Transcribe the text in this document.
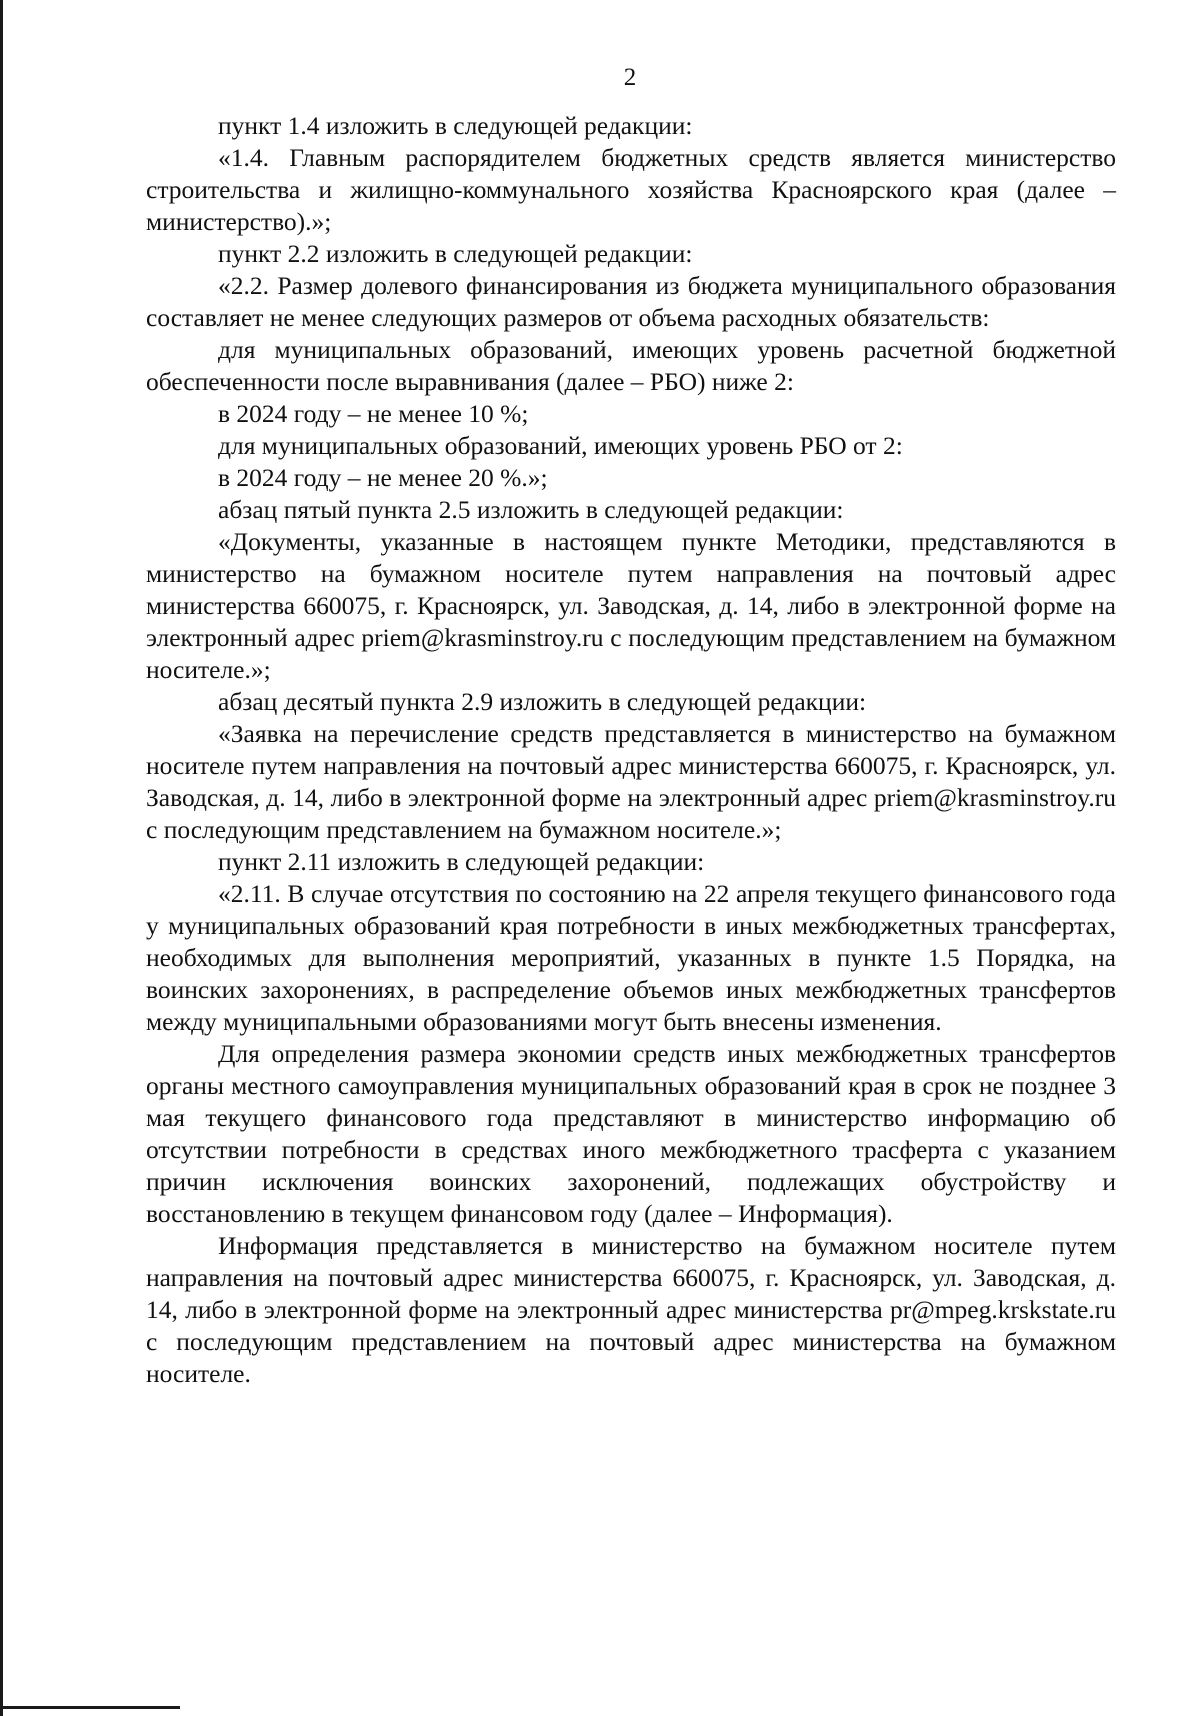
2

пункт 1.4 изложить в следующей редакции:

«1.4. Главным распорядителем бюджетных средств является министерство строительства и жилищно-коммунального хозяйства Красноярского края (далее – министерство).»;

пункт 2.2 изложить в следующей редакции:

«2.2. Размер долевого финансирования из бюджета муниципального образования составляет не менее следующих размеров от объема расходных обязательств:

для муниципальных образований, имеющих уровень расчетной бюджетной обеспеченности после выравнивания (далее – РБО) ниже 2:

в 2024 году – не менее 10 %;

для муниципальных образований, имеющих уровень РБО от 2:

в 2024 году – не менее 20 %.»;

абзац пятый пункта 2.5 изложить в следующей редакции:

«Документы, указанные в настоящем пункте Методики, представляются в министерство на бумажном носителе путем направления на почтовый адрес министерства 660075, г. Красноярск, ул. Заводская, д. 14, либо в электронной форме на электронный адрес priem@krasminstroy.ru с последующим представлением на бумажном носителе.»;

абзац десятый пункта 2.9 изложить в следующей редакции:

«Заявка на перечисление средств представляется в министерство на бумажном носителе путем направления на почтовый адрес министерства 660075, г. Красноярск, ул. Заводская, д. 14, либо в электронной форме на электронный адрес priem@krasminstroy.ru с последующим представлением на бумажном носителе.»;

пункт 2.11 изложить в следующей редакции:

«2.11. В случае отсутствия по состоянию на 22 апреля текущего финансового года у муниципальных образований края потребности в иных межбюджетных трансфертах, необходимых для выполнения мероприятий, указанных в пункте 1.5 Порядка, на воинских захоронениях, в распределение объемов иных межбюджетных трансфертов между муниципальными образованиями могут быть внесены изменения.

Для определения размера экономии средств иных межбюджетных трансфертов органы местного самоуправления муниципальных образований края в срок не позднее 3 мая текущего финансового года представляют в министерство информацию об отсутствии потребности в средствах иного межбюджетного трасферта с указанием причин исключения воинских захоронений, подлежащих обустройству и восстановлению в текущем финансовом году (далее – Информация).

Информация представляется в министерство на бумажном носителе путем направления на почтовый адрес министерства 660075, г. Красноярск, ул. Заводская, д. 14, либо в электронной форме на электронный адрес министерства pr@mpeg.krskstate.ru с последующим представлением на почтовый адрес министерства на бумажном носителе.
